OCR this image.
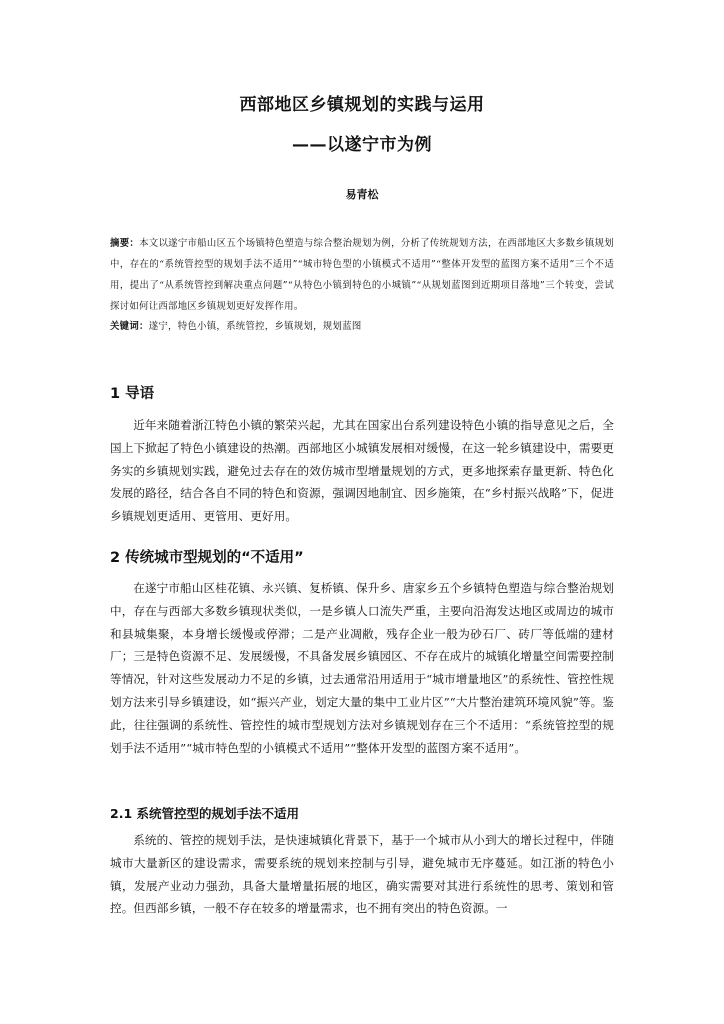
西部地区乡镇规划的实践与运用
——以遂宁市为例
易青松
摘要：本文以遂宁市船山区五个场镇特色塑造与综合整治规划为例，分析了传统规划方法，在西部地区大多数乡镇规划中，存在的“系统管控型的规划手法不适用”“城市特色型的小镇模式不适用”“整体开发型的蓝图方案不适用”三个不适用，提出了“从系统管控到解决重点问题”“从特色小镇到特色的小城镇”“从规划蓝图到近期项目落地”三个转变，尝试探讨如何让西部地区乡镇规划更好发挥作用。
关键词：遂宁，特色小镇，系统管控，乡镇规划，规划蓝图
1 导语
近年来随着浙江特色小镇的繁荣兴起，尤其在国家出台系列建设特色小镇的指导意见之后，全国上下掀起了特色小镇建设的热潮。西部地区小城镇发展相对缓慢，在这一轮乡镇建设中，需要更务实的乡镇规划实践，避免过去存在的效仿城市型增量规划的方式，更多地探索存量更新、特色化发展的路径，结合各自不同的特色和资源，强调因地制宜、因乡施策，在“乡村振兴战略”下，促进乡镇规划更适用、更管用、更好用。
2 传统城市型规划的“不适用”
在遂宁市船山区桂花镇、永兴镇、复桥镇、保升乡、唐家乡五个乡镇特色塑造与综合整治规划中，存在与西部大多数乡镇现状类似，一是乡镇人口流失严重，主要向沿海发达地区或周边的城市和县城集聚，本身增长缓慢或停滞；二是产业凋敝，残存企业一般为砂石厂、砖厂等低端的建材厂；三是特色资源不足、发展缓慢，不具备发展乡镇园区、不存在成片的城镇化增量空间需要控制等情况，针对这些发展动力不足的乡镇，过去通常沿用适用于“城市增量地区”的系统性、管控性规划方法来引导乡镇建设，如“振兴产业，划定大量的集中工业片区”“大片整治建筑环境风貌”等。鉴此，往往强调的系统性、管控性的城市型规划方法对乡镇规划存在三个不适用：“系统管控型的规划手法不适用”“城市特色型的小镇模式不适用”“整体开发型的蓝图方案不适用”。
2.1 系统管控型的规划手法不适用
系统的、管控的规划手法，是快速城镇化背景下，基于一个城市从小到大的增长过程中，伴随城市大量新区的建设需求，需要系统的规划来控制与引导，避免城市无序蔓延。如江浙的特色小镇，发展产业动力强劲，具备大量增量拓展的地区，确实需要对其进行系统性的思考、策划和管控。但西部乡镇，一般不存在较多的增量需求，也不拥有突出的特色资源。一
